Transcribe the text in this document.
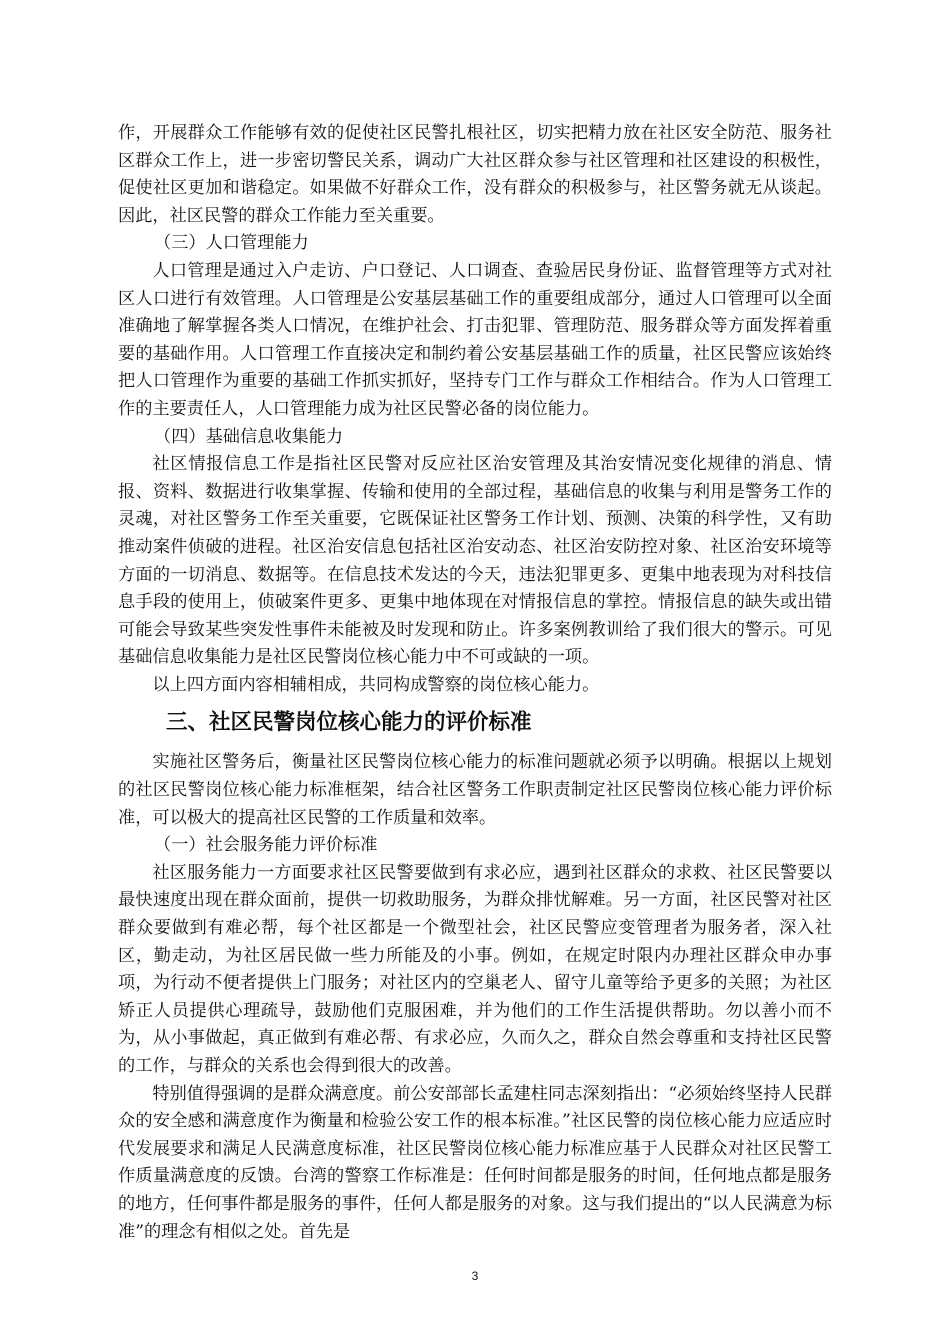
作，开展群众工作能够有效的促使社区民警扎根社区，切实把精力放在社区安全防范、服务社区群众工作上，进一步密切警民关系，调动广大社区群众参与社区管理和社区建设的积极性，促使社区更加和谐稳定。如果做不好群众工作，没有群众的积极参与，社区警务就无从谈起。因此，社区民警的群众工作能力至关重要。

（三）人口管理能力

人口管理是通过入户走访、户口登记、人口调查、查验居民身份证、监督管理等方式对社区人口进行有效管理。人口管理是公安基层基础工作的重要组成部分，通过人口管理可以全面准确地了解掌握各类人口情况，在维护社会、打击犯罪、管理防范、服务群众等方面发挥着重要的基础作用。人口管理工作直接决定和制约着公安基层基础工作的质量，社区民警应该始终把人口管理作为重要的基础工作抓实抓好，坚持专门工作与群众工作相结合。作为人口管理工作的主要责任人，人口管理能力成为社区民警必备的岗位能力。

（四）基础信息收集能力

社区情报信息工作是指社区民警对反应社区治安管理及其治安情况变化规律的消息、情报、资料、数据进行收集掌握、传输和使用的全部过程，基础信息的收集与利用是警务工作的灵魂，对社区警务工作至关重要，它既保证社区警务工作计划、预测、决策的科学性，又有助推动案件侦破的进程。社区治安信息包括社区治安动态、社区治安防控对象、社区治安环境等方面的一切消息、数据等。在信息技术发达的今天，违法犯罪更多、更集中地表现为对科技信息手段的使用上，侦破案件更多、更集中地体现在对情报信息的掌控。情报信息的缺失或出错可能会导致某些突发性事件未能被及时发现和防止。许多案例教训给了我们很大的警示。可见基础信息收集能力是社区民警岗位核心能力中不可或缺的一项。

以上四方面内容相辅相成，共同构成警察的岗位核心能力。

三、社区民警岗位核心能力的评价标准

实施社区警务后，衡量社区民警岗位核心能力的标准问题就必须予以明确。根据以上规划的社区民警岗位核心能力标准框架，结合社区警务工作职责制定社区民警岗位核心能力评价标准，可以极大的提高社区民警的工作质量和效率。

（一）社会服务能力评价标准

社区服务能力一方面要求社区民警要做到有求必应，遇到社区群众的求救、社区民警要以最快速度出现在群众面前，提供一切救助服务，为群众排忧解难。另一方面，社区民警对社区群众要做到有难必帮，每个社区都是一个微型社会，社区民警应变管理者为服务者，深入社区，勤走动，为社区居民做一些力所能及的小事。例如，在规定时限内办理社区群众申办事项，为行动不便者提供上门服务；对社区内的空巢老人、留守儿童等给予更多的关照；为社区矫正人员提供心理疏导，鼓励他们克服困难，并为他们的工作生活提供帮助。勿以善小而不为，从小事做起，真正做到有难必帮、有求必应，久而久之，群众自然会尊重和支持社区民警的工作，与群众的关系也会得到很大的改善。

特别值得强调的是群众满意度。前公安部部长孟建柱同志深刻指出：“必须始终坚持人民群众的安全感和满意度作为衡量和检验公安工作的根本标准。”社区民警的岗位核心能力应适应时代发展要求和满足人民满意度标准，社区民警岗位核心能力标准应基于人民群众对社区民警工作质量满意度的反馈。台湾的警察工作标准是：任何时间都是服务的时间，任何地点都是服务的地方，任何事件都是服务的事件，任何人都是服务的对象。这与我们提出的“以人民满意为标准”的理念有相似之处。首先是

3
